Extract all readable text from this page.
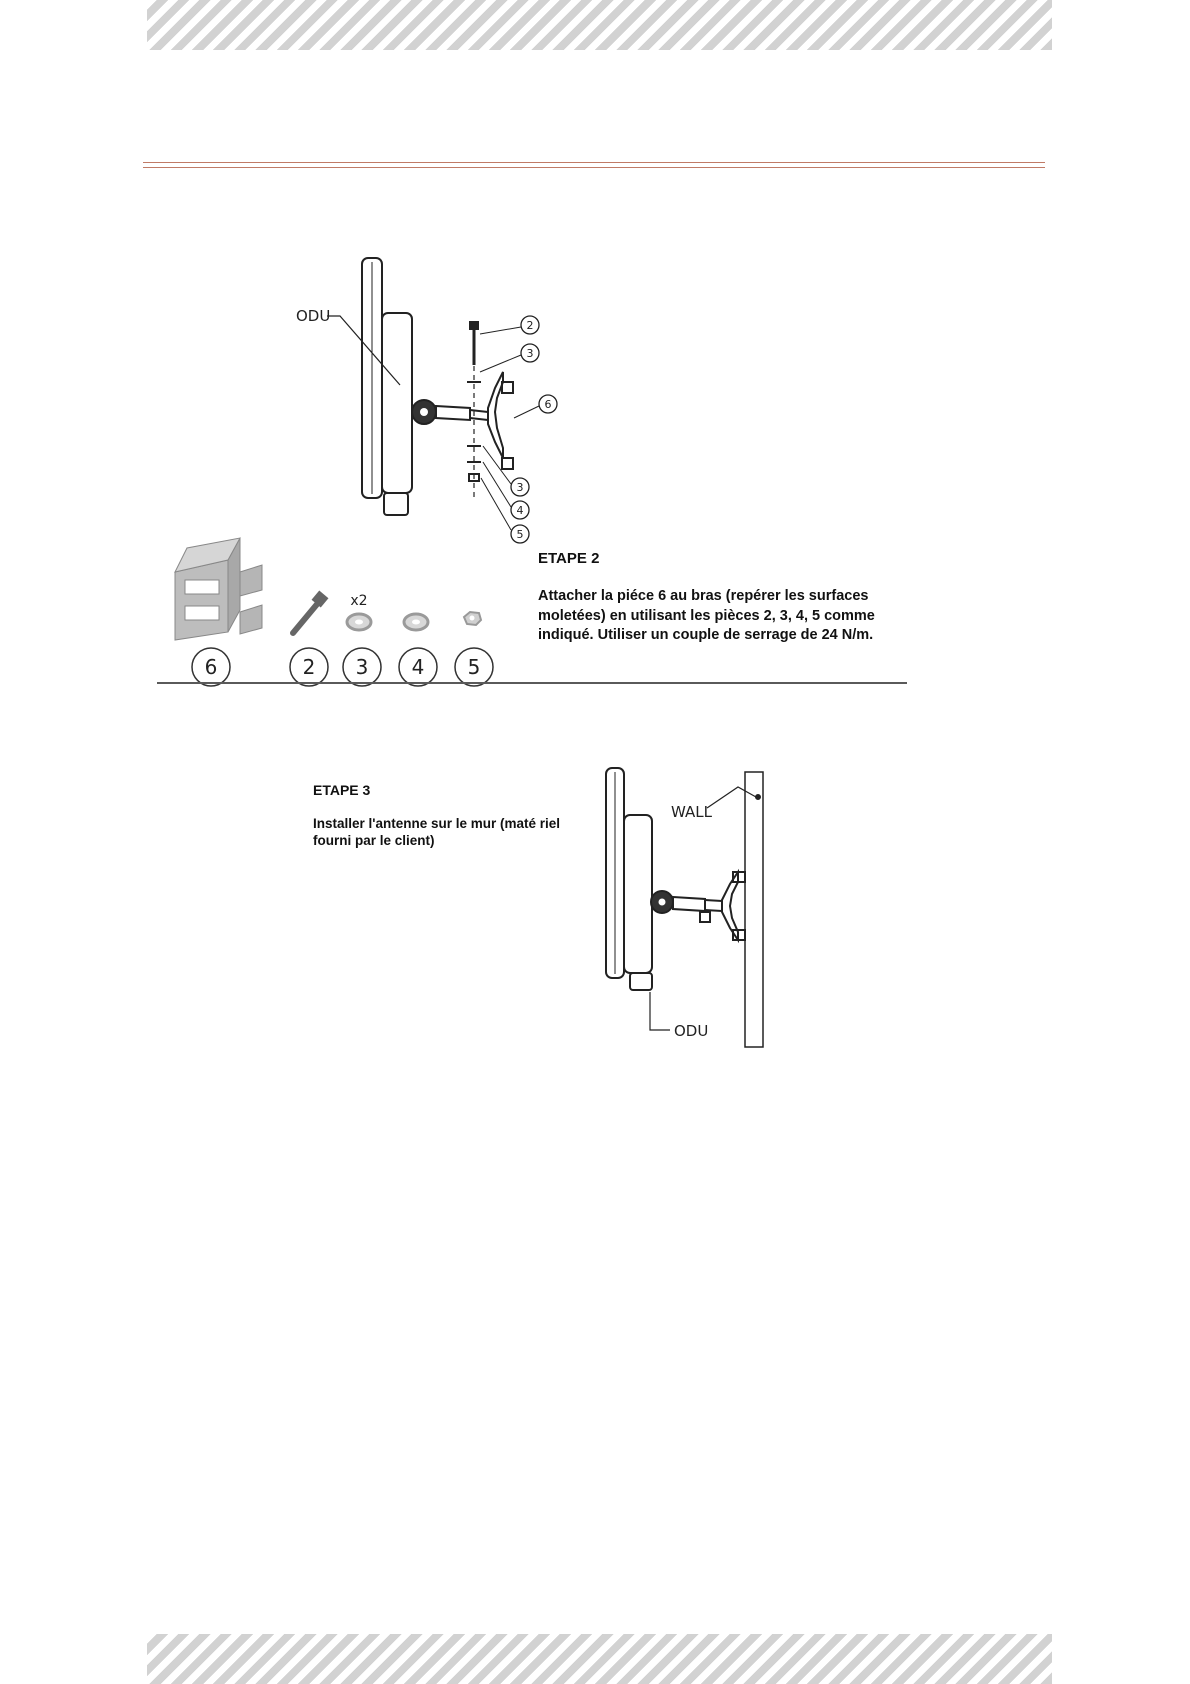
ODU
2
3
6
3
4
5
x2
6	2 3 4 5
ETAPE 2

Attacher la piéce 6 au bras (repérer les surfaces moletées) en utilisant les pièces 2, 3, 4, 5 comme indiqué. Utiliser un couple de serrage de 24 N/m.

ETAPE 3

Installer l'antenne sur le mur (maté riel fourni par le client)

WALL
ODU
